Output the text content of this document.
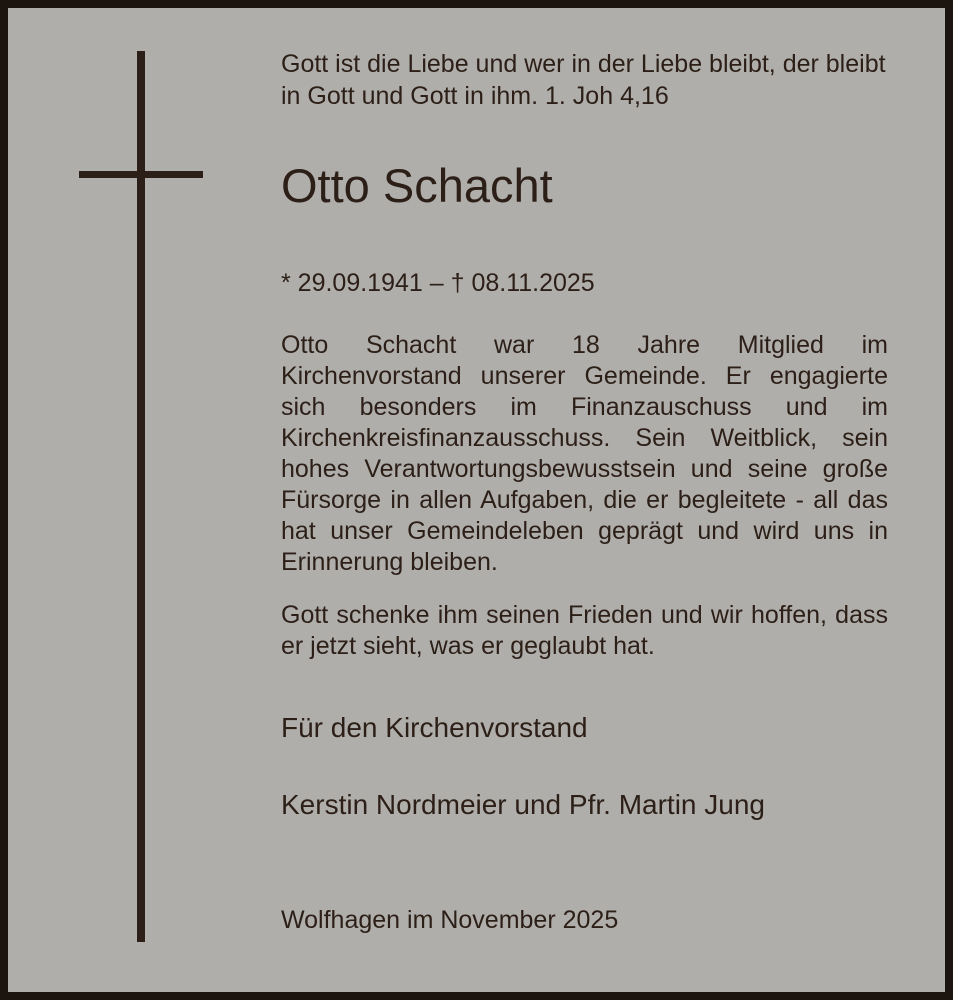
Gott ist die Liebe und wer in der Liebe bleibt, der bleibt in Gott und Gott in ihm. 1. Joh 4,16

Otto Schacht

* 29.09.1941 – † 08.11.2025

Otto Schacht war 18 Jahre Mitglied im Kirchenvorstand unserer Gemeinde. Er engagierte sich besonders im Finanzauschuss und im Kirchenkreisfinanzausschuss. Sein Weitblick, sein hohes Verantwortungsbewusstsein und seine große Fürsorge in allen Aufgaben, die er begleitete - all das hat unser Gemeindeleben geprägt und wird uns in Erinnerung bleiben.

Gott schenke ihm seinen Frieden und wir hoffen, dass er jetzt sieht, was er geglaubt hat.

Für den Kirchenvorstand

Kerstin Nordmeier und Pfr. Martin Jung

Wolfhagen im November 2025
